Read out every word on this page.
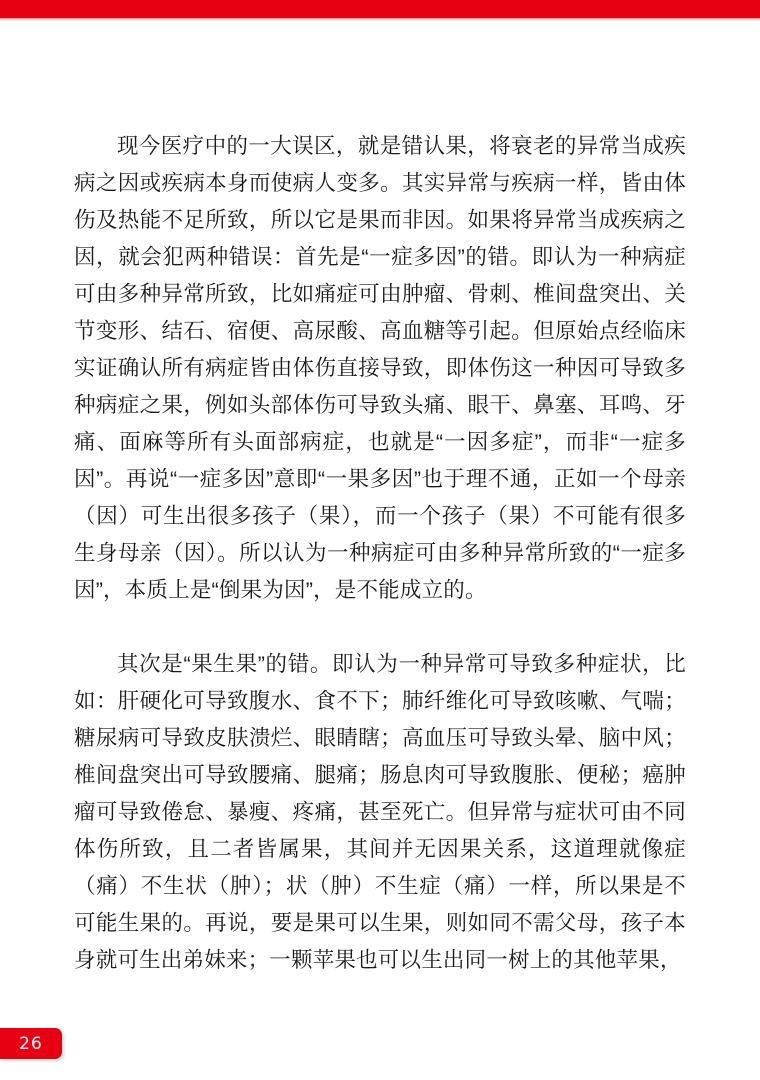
现今医疗中的一大误区，就是错认果，将衰老的异常当成疾病之因或疾病本身而使病人变多。其实异常与疾病一样，皆由体伤及热能不足所致，所以它是果而非因。如果将异常当成疾病之因，就会犯两种错误：首先是“一症多因”的错。即认为一种病症可由多种异常所致，比如痛症可由肿瘤、骨刺、椎间盘突出、关节变形、结石、宿便、高尿酸、高血糖等引起。但原始点经临床实证确认所有病症皆由体伤直接导致，即体伤这一种因可导致多种病症之果，例如头部体伤可导致头痛、眼干、鼻塞、耳鸣、牙痛、面麻等所有头面部病症，也就是“一因多症”，而非“一症多因”。再说“一症多因”意即“一果多因”也于理不通，正如一个母亲（因）可生出很多孩子（果），而一个孩子（果）不可能有很多生身母亲（因）。所以认为一种病症可由多种异常所致的“一症多因”，本质上是“倒果为因”，是不能成立的。

其次是“果生果”的错。即认为一种异常可导致多种症状，比如：肝硬化可导致腹水、食不下；肺纤维化可导致咳嗽、气喘；糖尿病可导致皮肤溃烂、眼睛瞎；高血压可导致头晕、脑中风；椎间盘突出可导致腰痛、腿痛；肠息肉可导致腹胀、便秘；癌肿瘤可导致倦怠、暴瘦、疼痛，甚至死亡。但异常与症状可由不同体伤所致，且二者皆属果，其间并无因果关系，这道理就像症（痛）不生状（肿）；状（肿）不生症（痛）一样，所以果是不可能生果的。再说，要是果可以生果，则如同不需父母，孩子本身就可生出弟妹来；一颗苹果也可以生出同一树上的其他苹果，

26
